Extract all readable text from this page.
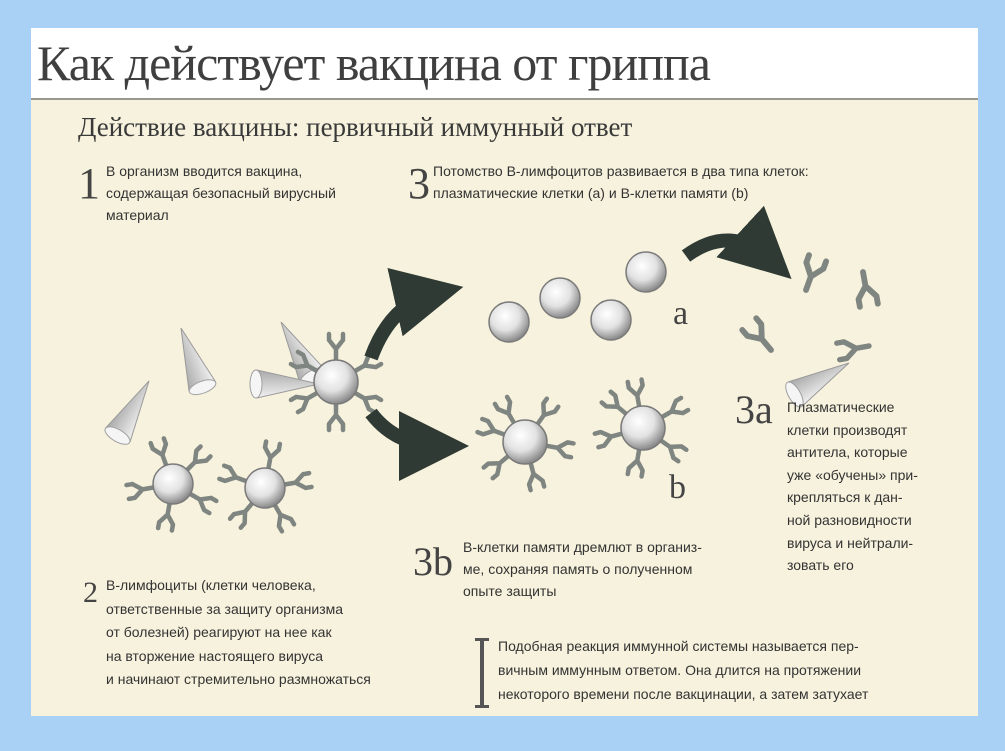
Как действует вакцина от гриппа
Действие вакцины: первичный иммунный ответ
а
b
1 В организм вводится вакцина,
содержащая безопасный вирусный
материал
3 Потомство В-лимфоцитов развивается в два типа клеток:
плазматические клетки (а) и В-клетки памяти (b)
3а Плазматические
клетки производят
антитела, которые
уже «обучены» при-
крепляться к дан-
ной разновидности
вируса и нейтрали-
зовать его
3b В-клетки памяти дремлют в организ-
ме, сохраняя память о полученном
опыте защиты
2 В-лимфоциты (клетки человека,
ответственные за защиту организма
от болезней) реагируют на нее как
на вторжение настоящего вируса
и начинают стремительно размножаться
Подобная реакция иммунной системы называется пер-
вичным иммунным ответом. Она длится на протяжении
некоторого времени после вакцинации, а затем затухает
